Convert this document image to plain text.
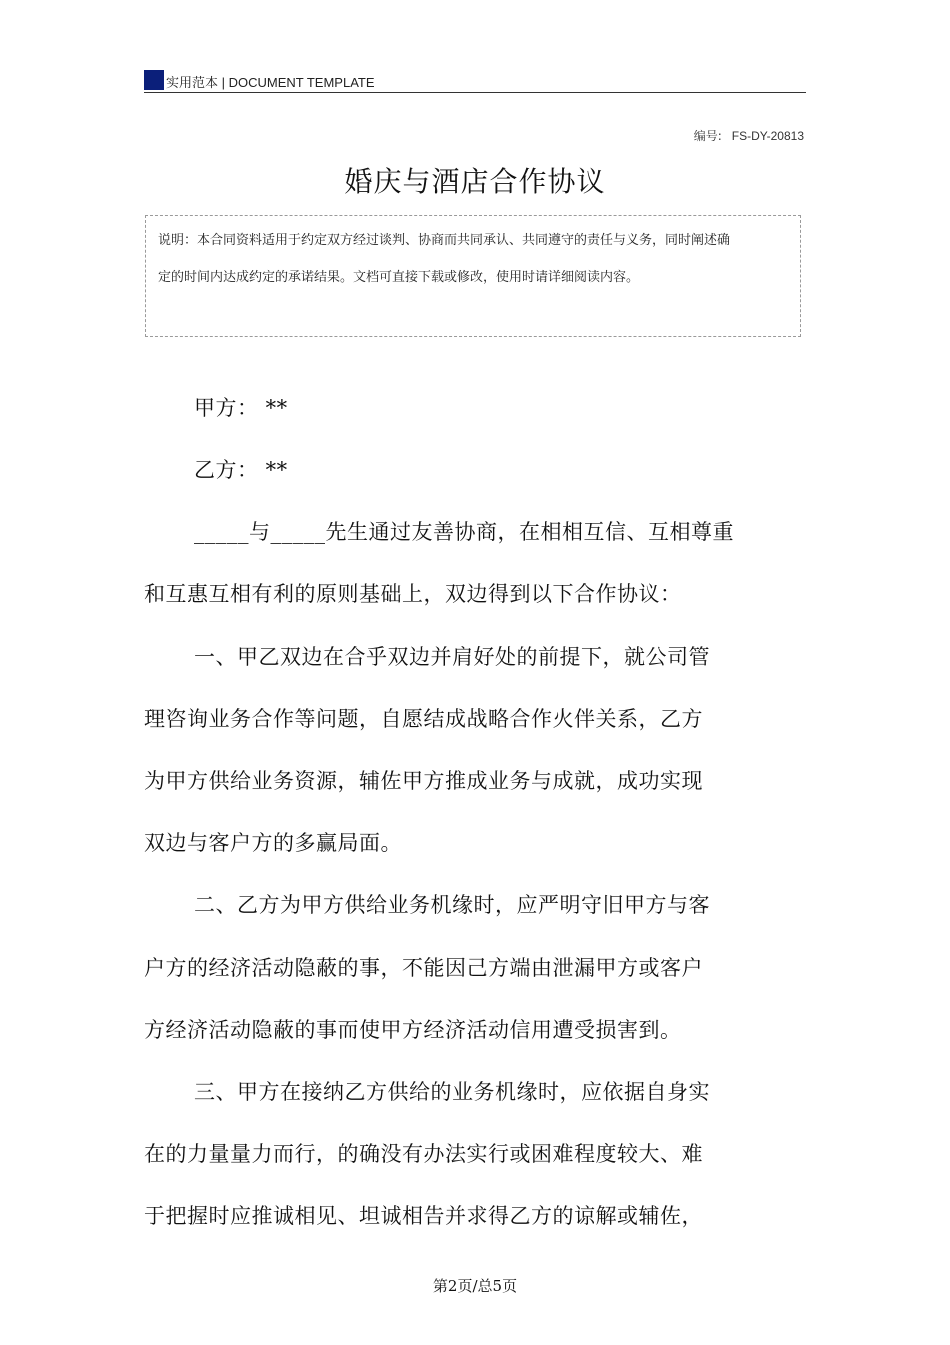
实用范本 | DOCUMENT TEMPLATE
编号: FS-DY-20813
婚庆与酒店合作协议
说明：本合同资料适用于约定双方经过谈判、协商而共同承认、共同遵守的责任与义务，同时阐述确定的时间内达成约定的承诺结果。文档可直接下载或修改，使用时请详细阅读内容。
甲方： **
乙方： **
_____与_____先生通过友善协商，在相相互信、互相尊重
和互惠互相有利的原则基础上，双边得到以下合作协议：
一、甲乙双边在合乎双边并肩好处的前提下，就公司管
理咨询业务合作等问题，自愿结成战略合作火伴关系，乙方
为甲方供给业务资源，辅佐甲方推成业务与成就，成功实现
双边与客户方的多赢局面。
二、乙方为甲方供给业务机缘时，应严明守旧甲方与客
户方的经济活动隐蔽的事，不能因己方端由泄漏甲方或客户
方经济活动隐蔽的事而使甲方经济活动信用遭受损害到。
三、甲方在接纳乙方供给的业务机缘时，应依据自身实
在的力量量力而行，的确没有办法实行或困难程度较大、难
于把握时应推诚相见、坦诚相告并求得乙方的谅解或辅佐，
第2页/总5页
